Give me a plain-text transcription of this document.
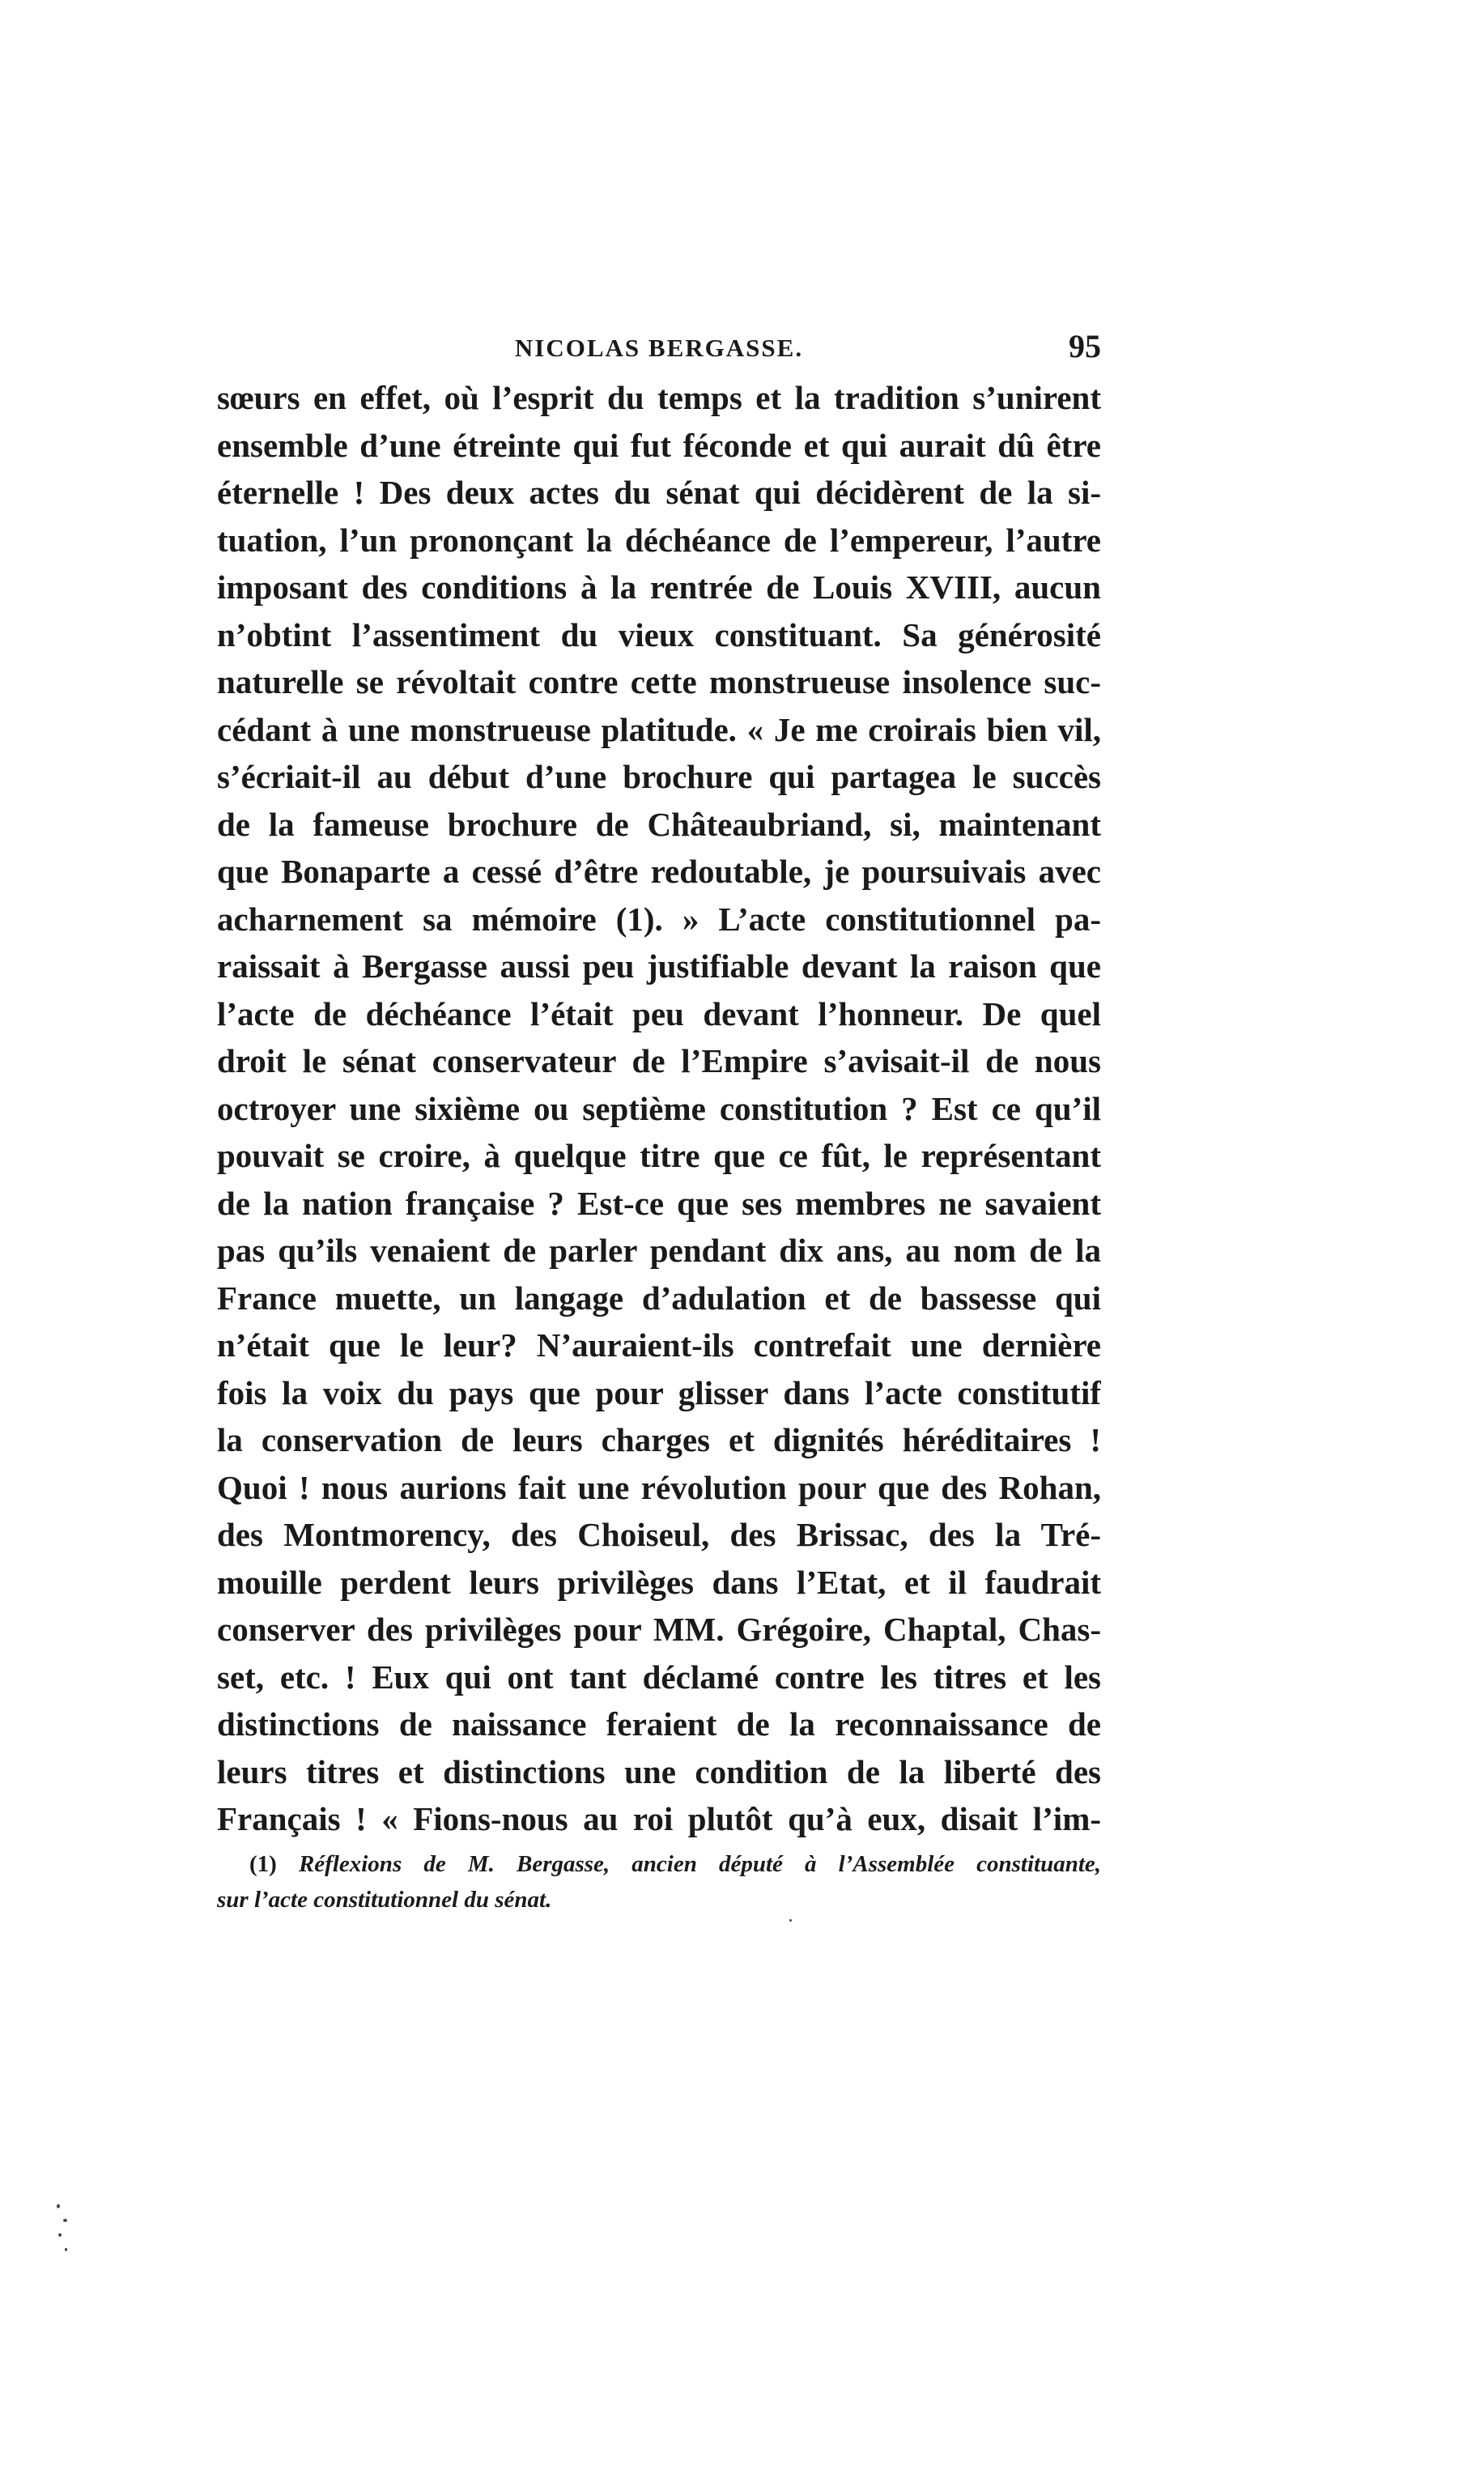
NICOLAS BERGASSE.	95
sœurs en effet, où l’esprit du temps et la tradition s’unirent
ensemble d’une étreinte qui fut féconde et qui aurait dû être
éternelle ! Des deux actes du sénat qui décidèrent de la si-
tuation, l’un prononçant la déchéance de l’empereur, l’autre
imposant des conditions à la rentrée de Louis XVIII, aucun
n’obtint l’assentiment du vieux constituant. Sa générosité
naturelle se révoltait contre cette monstrueuse insolence suc-
cédant à une monstrueuse platitude. « Je me croirais bien vil,
s’écriait-il au début d’une brochure qui partagea le succès
de la fameuse brochure de Châteaubriand, si, maintenant
que Bonaparte a cessé d’être redoutable, je poursuivais avec
acharnement sa mémoire (1). » L’acte constitutionnel pa-
raissait à Bergasse aussi peu justifiable devant la raison que
l’acte de déchéance l’était peu devant l’honneur. De quel
droit le sénat conservateur de l’Empire s’avisait-il de nous
octroyer une sixième ou septième constitution ? Est ce qu’il
pouvait se croire, à quelque titre que ce fût, le représentant
de la nation française ? Est-ce que ses membres ne savaient
pas qu’ils venaient de parler pendant dix ans, au nom de la
France muette, un langage d’adulation et de bassesse qui
n’était que le leur? N’auraient-ils contrefait une dernière
fois la voix du pays que pour glisser dans l’acte constitutif
la conservation de leurs charges et dignités héréditaires !
Quoi ! nous aurions fait une révolution pour que des Rohan,
des Montmorency, des Choiseul, des Brissac, des la Tré-
mouille perdent leurs privilèges dans l’Etat, et il faudrait
conserver des privilèges pour MM. Grégoire, Chaptal, Chas-
set, etc. ! Eux qui ont tant déclamé contre les titres et les
distinctions de naissance feraient de la reconnaissance de
leurs titres et distinctions une condition de la liberté des
Français ! « Fions-nous au roi plutôt qu’à eux, disait l’im-
(1) Réflexions de M. Bergasse, ancien député à l’Assemblée constituante,
sur l’acte constitutionnel du sénat.
